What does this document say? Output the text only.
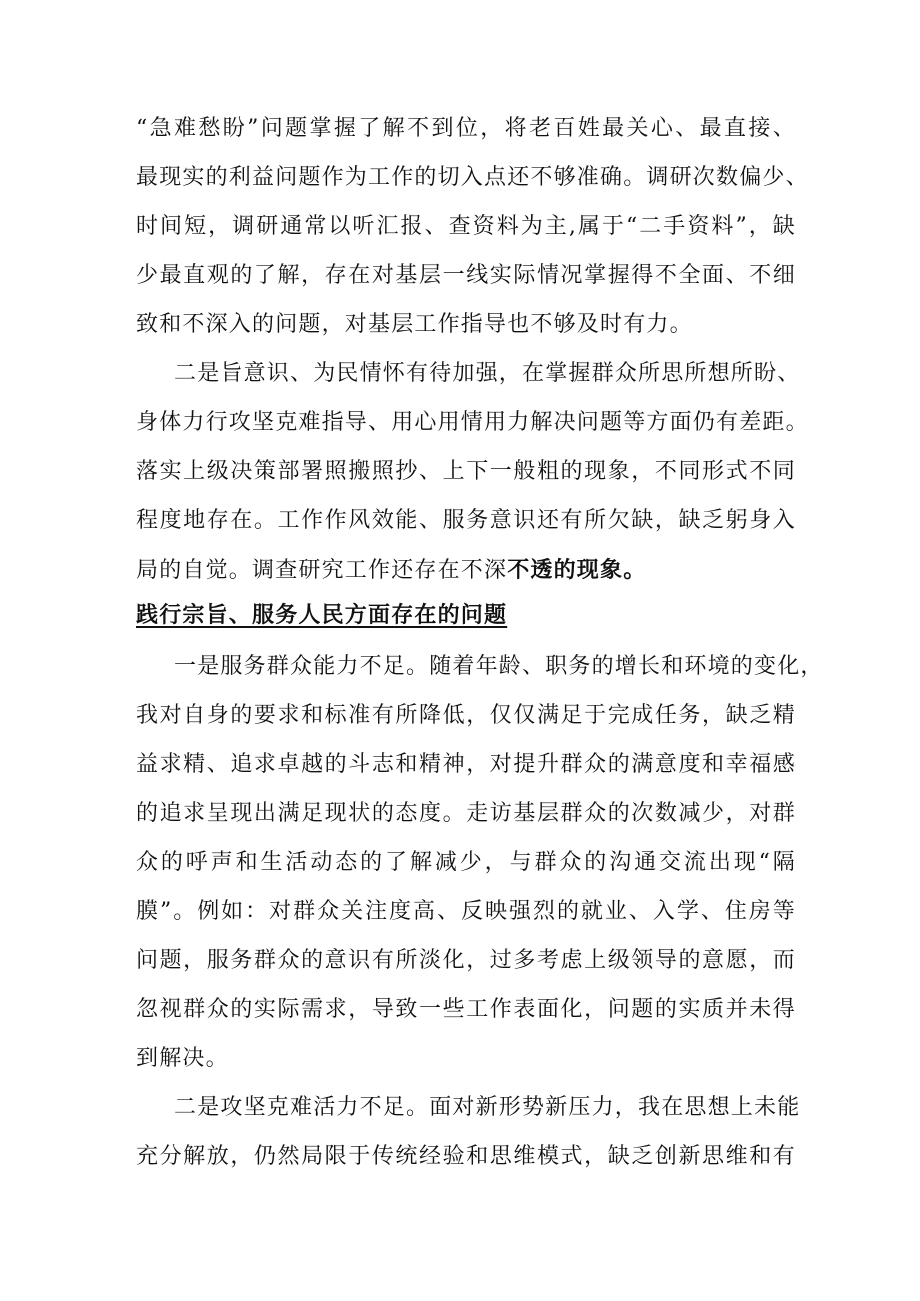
“急难愁盼”问题掌握了解不到位，将老百姓最关心、最直接、
最现实的利益问题作为工作的切入点还不够准确。调研次数偏少、
时间短，调研通常以听汇报、查资料为主,属于“二手资料”，缺
少最直观的了解，存在对基层一线实际情况掌握得不全面、不细
致和不深入的问题，对基层工作指导也不够及时有力。
二是旨意识、为民情怀有待加强，在掌握群众所思所想所盼、
身体力行攻坚克难指导、用心用情用力解决问题等方面仍有差距。
落实上级决策部署照搬照抄、上下一般粗的现象，不同形式不同
程度地存在。工作作风效能、服务意识还有所欠缺，缺乏躬身入
局的自觉。调查研究工作还存在不深不透的现象。
践行宗旨、服务人民方面存在的问题
一是服务群众能力不足。随着年龄、职务的增长和环境的变化，
我对自身的要求和标准有所降低，仅仅满足于完成任务，缺乏精
益求精、追求卓越的斗志和精神，对提升群众的满意度和幸福感
的追求呈现出满足现状的态度。走访基层群众的次数减少，对群
众的呼声和生活动态的了解减少，与群众的沟通交流出现“隔
膜”。例如：对群众关注度高、反映强烈的就业、入学、住房等
问题，服务群众的意识有所淡化，过多考虑上级领导的意愿，而
忽视群众的实际需求，导致一些工作表面化，问题的实质并未得
到解决。
二是攻坚克难活力不足。面对新形势新压力，我在思想上未能
充分解放，仍然局限于传统经验和思维模式，缺乏创新思维和有
